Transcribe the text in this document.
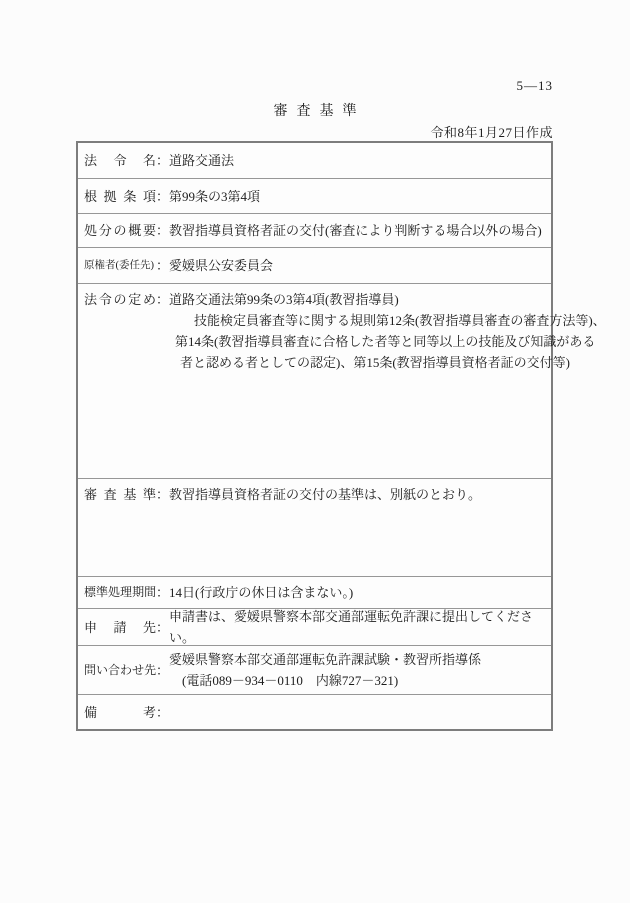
5—13
審査基準
令和8年1月27日作成
法 令 名 ： 道路交通法
根 拠 条 項 ： 第99条の3第4項
処 分 の 概 要 ： 教習指導員資格者証の交付(審査により判断する場合以外の場合)
原権者(委任先) ： 愛媛県公安委員会
法 令 の 定 め ： 道路交通法第99条の3第4項(教習指導員)
技能検定員審査等に関する規則第12条(教習指導員審査の審査方法等)、
第14条(教習指導員審査に合格した者等と同等以上の技能及び知識がある
者と認める者としての認定)、第15条(教習指導員資格者証の交付等)
審 査 基 準 ： 教習指導員資格者証の交付の基準は、別紙のとおり。
標 準 処 理 期 間 ： 14日(行政庁の休日は含まない。)
申 請 先 ：
申請書は、愛媛県警察本部交通部運転免許課に提出してください。
問 い 合 わ せ 先 ：
愛媛県警察本部交通部運転免許課試験・教習所指導係
(電話089－934－0110　内線727－321)
備	考 ：
